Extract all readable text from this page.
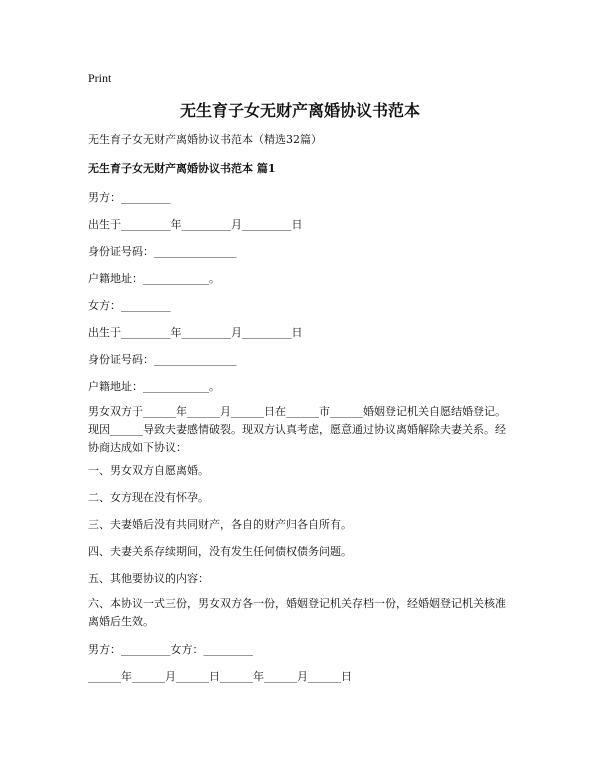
Print
无生育子女无财产离婚协议书范本
无生育子女无财产离婚协议书范本（精选32篇）
无生育子女无财产离婚协议书范本 篇1
男方：_________
出生于_________年_________月_________日
身份证号码：_______________
户籍地址：____________。
女方：_________
出生于_________年_________月_________日
身份证号码：_______________
户籍地址：____________。
男女双方于______年______月______日在______市______婚姻登记机关自愿结婚登记。现因______导致夫妻感情破裂。现双方认真考虑，愿意通过协议离婚解除夫妻关系。经协商达成如下协议：
一、男女双方自愿离婚。
二、女方现在没有怀孕。
三、夫妻婚后没有共同财产，各自的财产归各自所有。
四、夫妻关系存续期间，没有发生任何债权债务问题。
五、其他要协议的内容：
六、本协议一式三份，男女双方各一份，婚姻登记机关存档一份，经婚姻登记机关核准离婚后生效。
男方：_________女方：_________
______年______月______日______年______月______日
